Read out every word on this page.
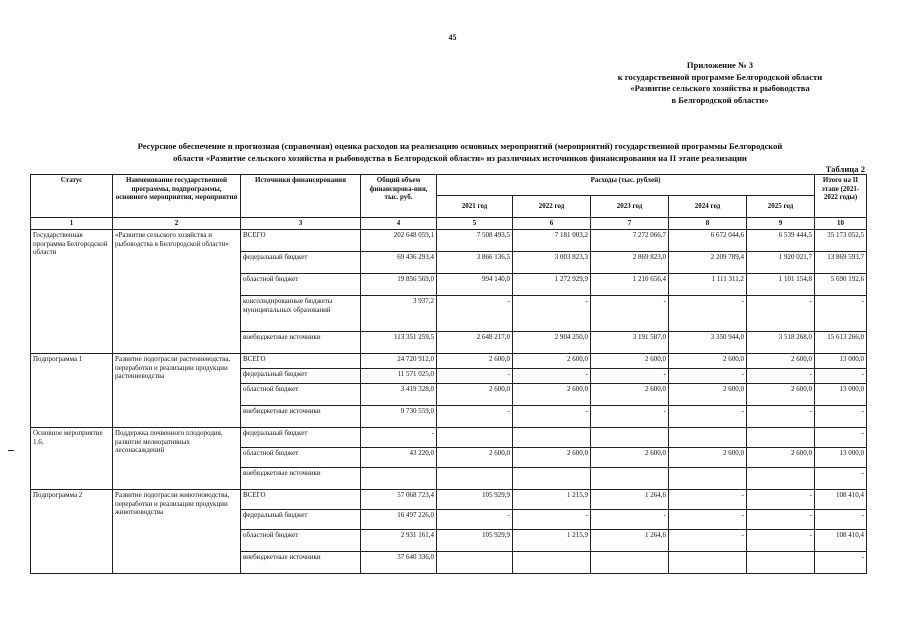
45
Приложение № 3
к государственной программе Белгородской области
«Развитие сельского хозяйства и рыбоводства
в Белгородской области»
Ресурсное обеспечение и прогнозная (справочная) оценка расходов на реализацию основных мероприятий (мероприятий) государственной программы Белгородской
области «Развитие сельского хозяйства и рыбоводства в Белгородской области» из различных источников финансирования на II этапе реализации
Таблица 2
Статус	Наименование государственной программы, подпрограммы, основного мероприятия, мероприятия	Источники финансирования	Общий объем финансирова-ния, тыс. руб.	Расходы (тыс. рублей)					Итого на II этапе (2021-2022 годы)
				2021 год	2022 год	2023 год	2024 год	2025 год	
1	2	3	4	5	6	7	8	9	10
Государственная программа Белгородской области	«Развитие сельского хозяйства и рыбоводства в Белгородской области»	ВСЕГО	202 648 059,1	7 508 493,5	7 181 003,2	7 272 066,7	6 672 044,6	6 539 444,5	35 173 052,5
		федеральный бюджет	69 436 293,4	3 866 136,5	3 003 823,3	2 869 823,0	2 209 789,4	1 920 021,7	13 869 593,7
		областной бюджет	19 856 569,0	994 140,0	1 272 929,9	1 210 656,4	1 111 311,2	1 101 154,8	5 690 192,6
		консолидированные бюджеты муниципальных образований	3 937,2	-	-	-	-	-	-
		внебюджетные источники	113 351 259,5	2 648 217,0	2 904 250,0	3 191 587,0	3 350 944,0	3 518 268,0	15 613 266,0
Подпрограмма 1	Развитие подотрасли растениеводства, переработки и реализации продукции растениеводства	ВСЕГО	24 720 912,0	2 600,0	2 600,0	2 600,0	2 600,0	2 600,0	13 000,0
		федеральный бюджет	11 571 025,0	-	-	-	-	-	-
		областной бюджет	3 419 328,0	2 600,0	2 600,0	2 600,0	2 600,0	2 600,0	13 000,0
		внебюджетные источники	9 730 559,0	-	-	-	-	-	-
Основное мероприятие 1.6.	Поддержка почвенного плодородия, развитие мелиоративных лесонасаждений	федеральный бюджет	-						-
		областной бюджет	43 220,0	2 600,0	2 600,0	2 600,0	2 600,0	2 600,0	13 000,0
		внебюджетные источники							-
Подпрограмма 2	Развитие подотрасли животноводства, переработки и реализации продукции животноводства	ВСЕГО	57 068 723,4	105 929,9	1 215,9	1 264,6	-	-	108 410,4
		федеральный бюджет	16 497 226,0	-	-	-	-	-	-
		областной бюджет	2 931 161,4	105 929,9	1 215,9	1 264,6	-	-	108 410,4
		внебюджетные источники	37 640 336,0						-
